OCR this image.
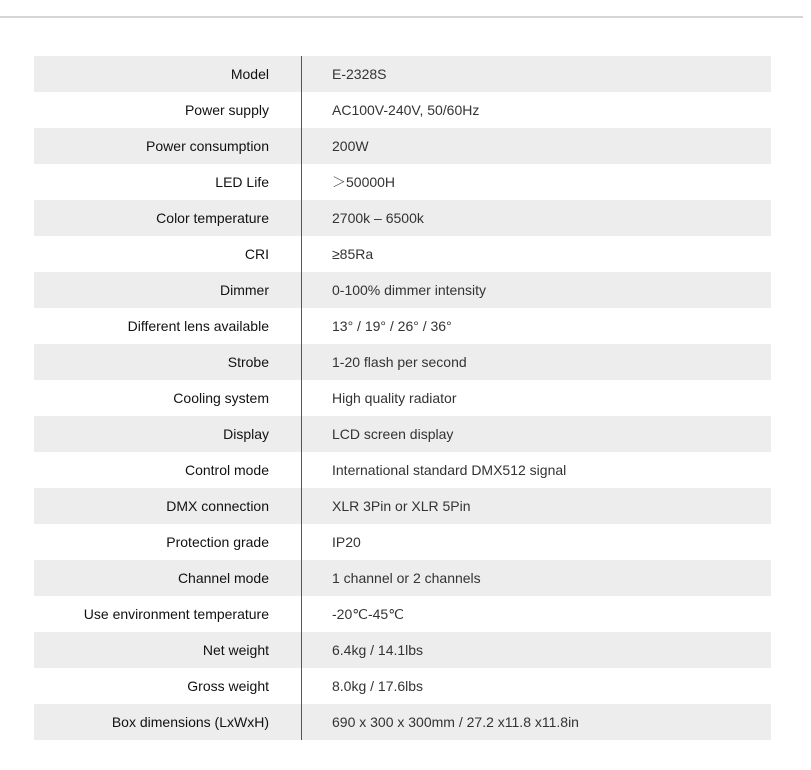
Model	E-2328S
Power supply	AC100V-240V, 50/60Hz
Power consumption	200W
LED Life	＞50000H
Color temperature	2700k – 6500k
CRI	≥85Ra
Dimmer	0-100% dimmer intensity
Different lens available	13° / 19° / 26° / 36°
Strobe	1-20 flash per second
Cooling system	High quality radiator
Display	LCD screen display
Control mode	International standard DMX512 signal
DMX connection	XLR 3Pin or XLR 5Pin
Protection grade	IP20
Channel mode	1 channel or 2 channels
Use environment temperature	-20℃-45℃
Net weight	6.4kg / 14.1lbs
Gross weight	8.0kg / 17.6lbs
Box dimensions (LxWxH)	690 x 300 x 300mm / 27.2 x11.8 x11.8in
